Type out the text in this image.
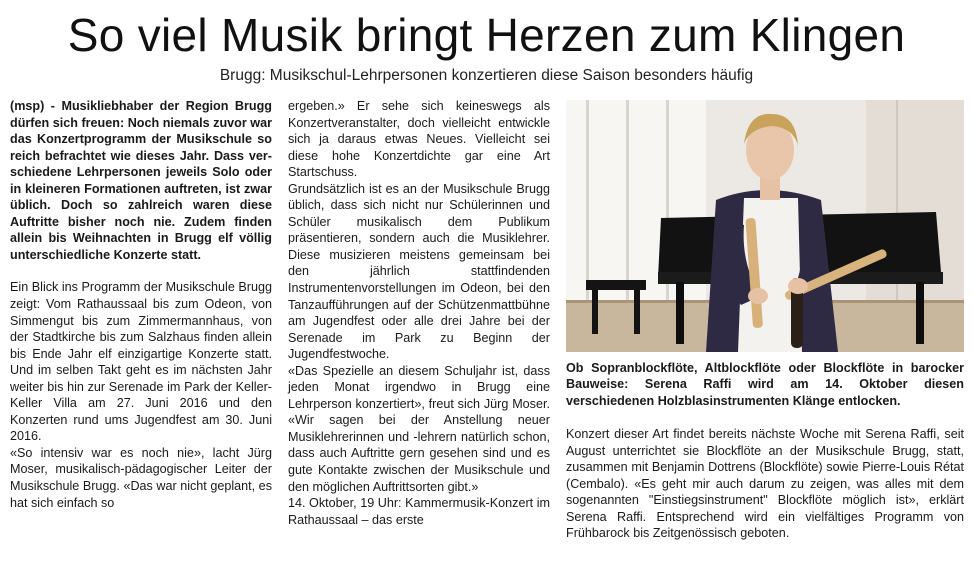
So viel Musik bringt Herzen zum Klingen
Brugg: Musikschul-Lehrpersonen konzertieren diese Saison besonders häufig

(msp) - Musikliebhaber der Region Brugg dürfen sich freuen: Noch niemals zuvor war das Konzertprogramm der Musikschule so reich befrachtet wie dieses Jahr. Dass verschiedene Lehrpersonen jeweils Solo oder in kleineren Formationen auftreten, ist zwar üblich. Doch so zahlreich waren diese Auftritte bisher noch nie. Zudem finden allein bis Weihnachten in Brugg elf völlig unterschiedliche Konzerte statt.

Ein Blick ins Programm der Musikschule Brugg zeigt: Vom Rathaussaal bis zum Odeon, von Simmengut bis zum Zimmermannhaus, von der Stadtkirche bis zum Salzhaus finden allein bis Ende Jahr elf einzigartige Konzerte statt. Und im selben Takt geht es im nächsten Jahr weiter bis hin zur Serenade im Park der Keller-Keller Villa am 27. Juni 2016 und den Konzerten rund ums Jugendfest am 30. Juni 2016.

«So intensiv war es noch nie», lacht Jürg Moser, musikalisch-pädagogischer Leiter der Musikschule Brugg. «Das war nicht geplant, es hat sich einfach so

ergeben.» Er sehe sich keineswegs als Konzertveranstalter, doch vielleicht entwickle sich ja daraus etwas Neues. Vielleicht sei diese hohe Konzertdichte gar eine Art Startschuss.

Grundsätzlich ist es an der Musikschule Brugg üblich, dass sich nicht nur Schülerinnen und Schüler musikalisch dem Publikum präsentieren, sondern auch die Musiklehrer. Diese musizieren meistens gemeinsam bei den jährlich stattfindenden Instrumentenvorstellungen im Odeon, bei den Tanzaufführungen auf der Schützenmattbühne am Jugendfest oder alle drei Jahre bei der Serenade im Park zu Beginn der Jugendfestwoche.

«Das Spezielle an diesem Schuljahr ist, dass jeden Monat irgendwo in Brugg eine Lehrperson konzertiert», freut sich Jürg Moser. «Wir sagen bei der Anstellung neuer Musiklehrerinnen und -lehrern natürlich schon, dass auch Auftritte gern gesehen sind und es gute Kontakte zwischen der Musikschule und den möglichen Auftrittsorten gibt.»

14. Oktober, 19 Uhr: Kammermusik-Konzert im Rathaussaal – das erste

Ob Sopranblockflöte, Altblockflöte oder Blockflöte in barocker Bauweise: Serena Raffi wird am 14. Oktober diesen verschiedenen Holzblasinstrumenten Klänge entlocken.

Konzert dieser Art findet bereits nächste Woche mit Serena Raffi, seit August unterrichtet sie Blockflöte an der Musikschule Brugg, statt, zusammen mit Benjamin Dottrens (Blockflöte) sowie Pierre-Louis Rétat (Cembalo). «Es geht mir auch darum zu zeigen, was alles mit dem sogenannten "Einstiegsinstrument" Blockflöte möglich ist», erklärt Serena Raffi. Entsprechend wird ein vielfältiges Programm von Frühbarock bis Zeitgenössisch geboten.
